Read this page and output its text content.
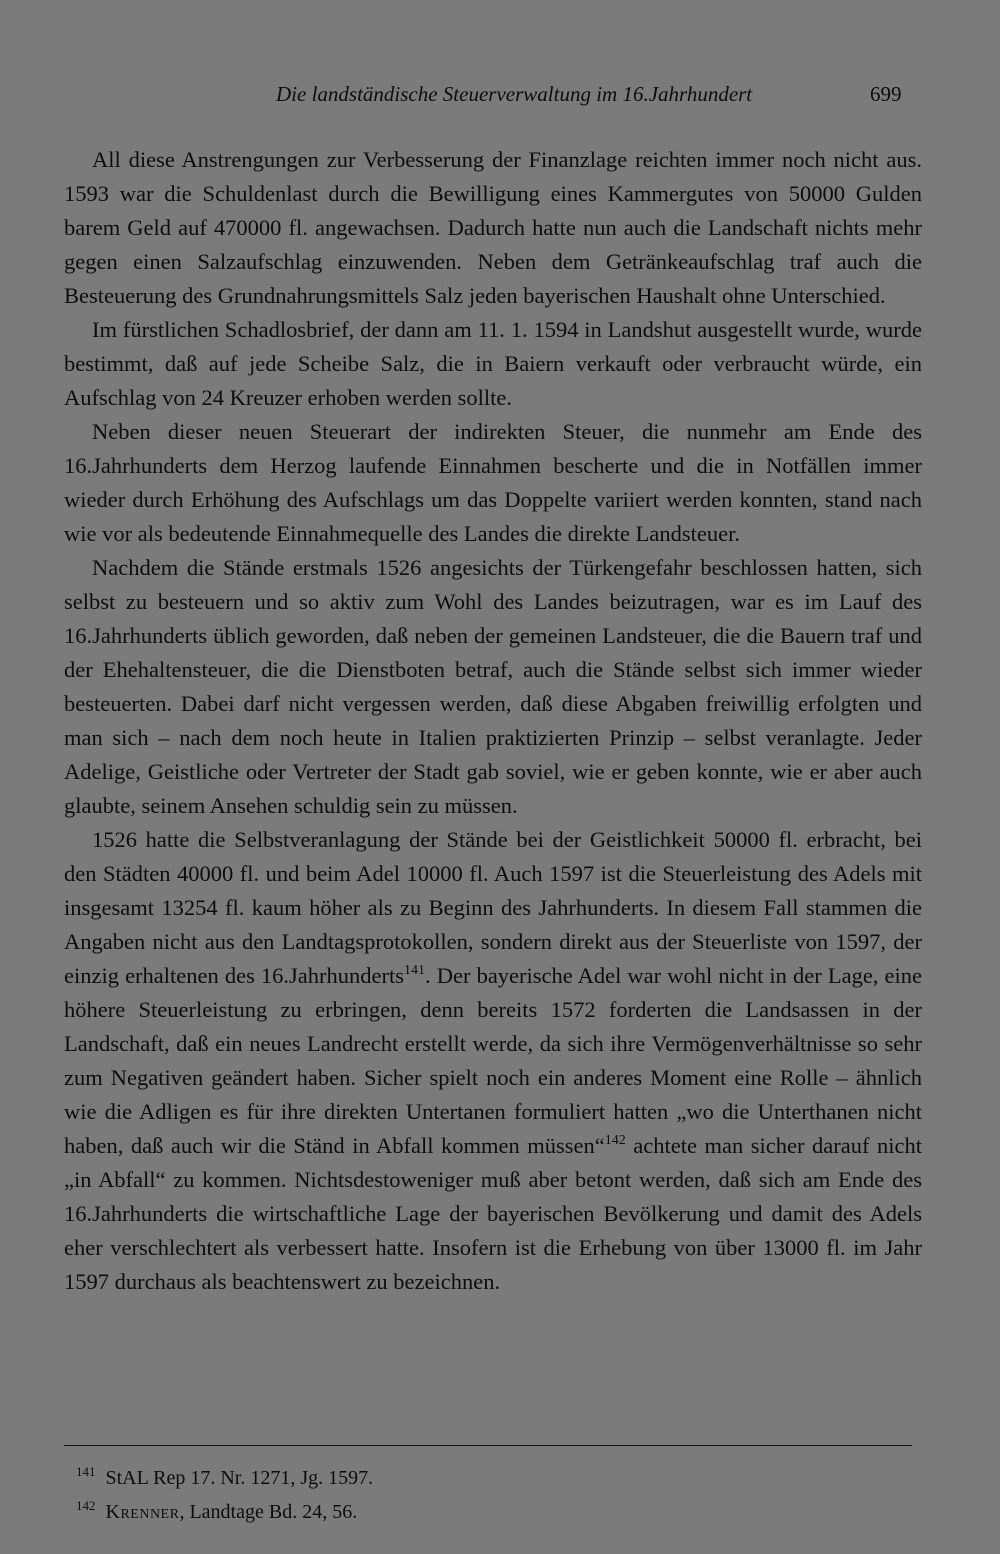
Die landständische Steuerverwaltung im 16.Jahrhundert	699

All diese Anstrengungen zur Verbesserung der Finanzlage reichten immer noch nicht aus. 1593 war die Schuldenlast durch die Bewilligung eines Kammergutes von 50000 Gulden barem Geld auf 470000 fl. angewachsen. Dadurch hatte nun auch die Landschaft nichts mehr gegen einen Salzaufschlag einzuwenden. Neben dem Getränkeaufschlag traf auch die Besteuerung des Grundnahrungsmittels Salz jeden bayerischen Haushalt ohne Unterschied.

Im fürstlichen Schadlosbrief, der dann am 11. 1. 1594 in Landshut ausgestellt wurde, wurde bestimmt, daß auf jede Scheibe Salz, die in Baiern verkauft oder verbraucht würde, ein Aufschlag von 24 Kreuzer erhoben werden sollte.

Neben dieser neuen Steuerart der indirekten Steuer, die nunmehr am Ende des 16.Jahrhunderts dem Herzog laufende Einnahmen bescherte und die in Notfällen immer wieder durch Erhöhung des Aufschlags um das Doppelte variiert werden konnten, stand nach wie vor als bedeutende Einnahmequelle des Landes die direkte Landsteuer.

Nachdem die Stände erstmals 1526 angesichts der Türkengefahr beschlossen hatten, sich selbst zu besteuern und so aktiv zum Wohl des Landes beizutragen, war es im Lauf des 16.Jahrhunderts üblich geworden, daß neben der gemeinen Landsteuer, die die Bauern traf und der Ehehaltensteuer, die die Dienstboten betraf, auch die Stände selbst sich immer wieder besteuerten. Dabei darf nicht vergessen werden, daß diese Abgaben freiwillig erfolgten und man sich – nach dem noch heute in Italien praktizierten Prinzip – selbst veranlagte. Jeder Adelige, Geistliche oder Vertreter der Stadt gab soviel, wie er geben konnte, wie er aber auch glaubte, seinem Ansehen schuldig sein zu müssen.

1526 hatte die Selbstveranlagung der Stände bei der Geistlichkeit 50000 fl. erbracht, bei den Städten 40000 fl. und beim Adel 10000 fl. Auch 1597 ist die Steuerleistung des Adels mit insgesamt 13254 fl. kaum höher als zu Beginn des Jahrhunderts. In diesem Fall stammen die Angaben nicht aus den Landtagsprotokollen, sondern direkt aus der Steuerliste von 1597, der einzig erhaltenen des 16.Jahrhunderts$^{141}$. Der bayerische Adel war wohl nicht in der Lage, eine höhere Steuerleistung zu erbringen, denn bereits 1572 forderten die Landsassen in der Landschaft, daß ein neues Landrecht erstellt werde, da sich ihre Vermögenverhältnisse so sehr zum Negativen geändert haben. Sicher spielt noch ein anderes Moment eine Rolle – ähnlich wie die Adligen es für ihre direkten Untertanen formuliert hatten „wo die Unterthanen nicht haben, daß auch wir die Ständ in Abfall kommen müssen“$^{142}$ achtete man sicher darauf nicht „in Abfall“ zu kommen. Nichtsdestoweniger muß aber betont werden, daß sich am Ende des 16.Jahrhunderts die wirtschaftliche Lage der bayerischen Bevölkerung und damit des Adels eher verschlechtert als verbessert hatte. Insofern ist die Erhebung von über 13000 fl. im Jahr 1597 durchaus als beachtenswert zu bezeichnen.

$^{141}$ StAL Rep 17. Nr. 1271, Jg. 1597.
$^{142}$ Krenner, Landtage Bd. 24, 56.
